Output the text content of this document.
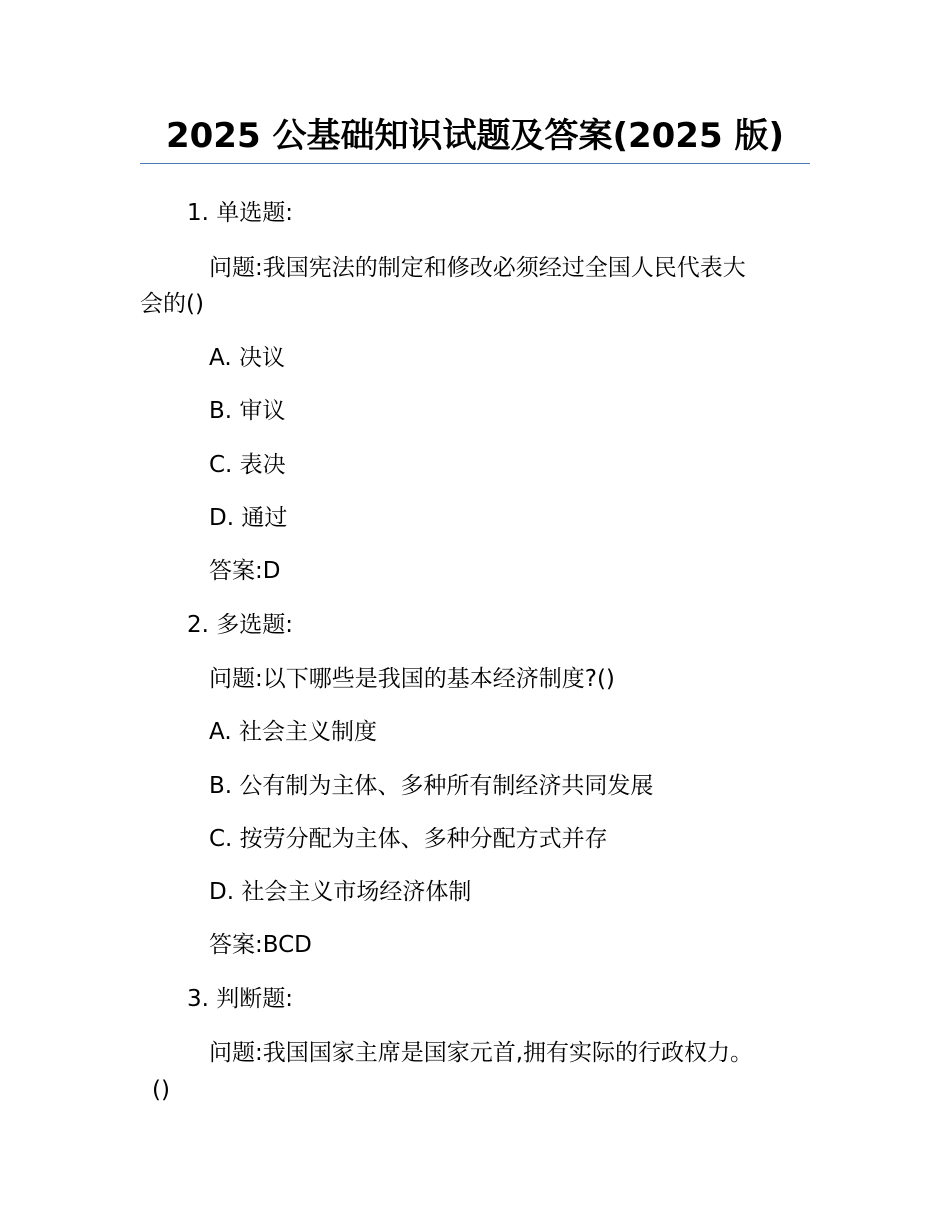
2025 公基础知识试题及答案(2025 版)
1. 单选题:
问题:我国宪法的制定和修改必须经过全国人民代表大
会的()
A. 决议
B. 审议
C. 表决
D. 通过
答案:D
2. 多选题:
问题:以下哪些是我国的基本经济制度?()
A. 社会主义制度
B. 公有制为主体、多种所有制经济共同发展
C. 按劳分配为主体、多种分配方式并存
D. 社会主义市场经济体制
答案:BCD
3. 判断题:
问题:我国国家主席是国家元首,拥有实际的行政权力。
()
